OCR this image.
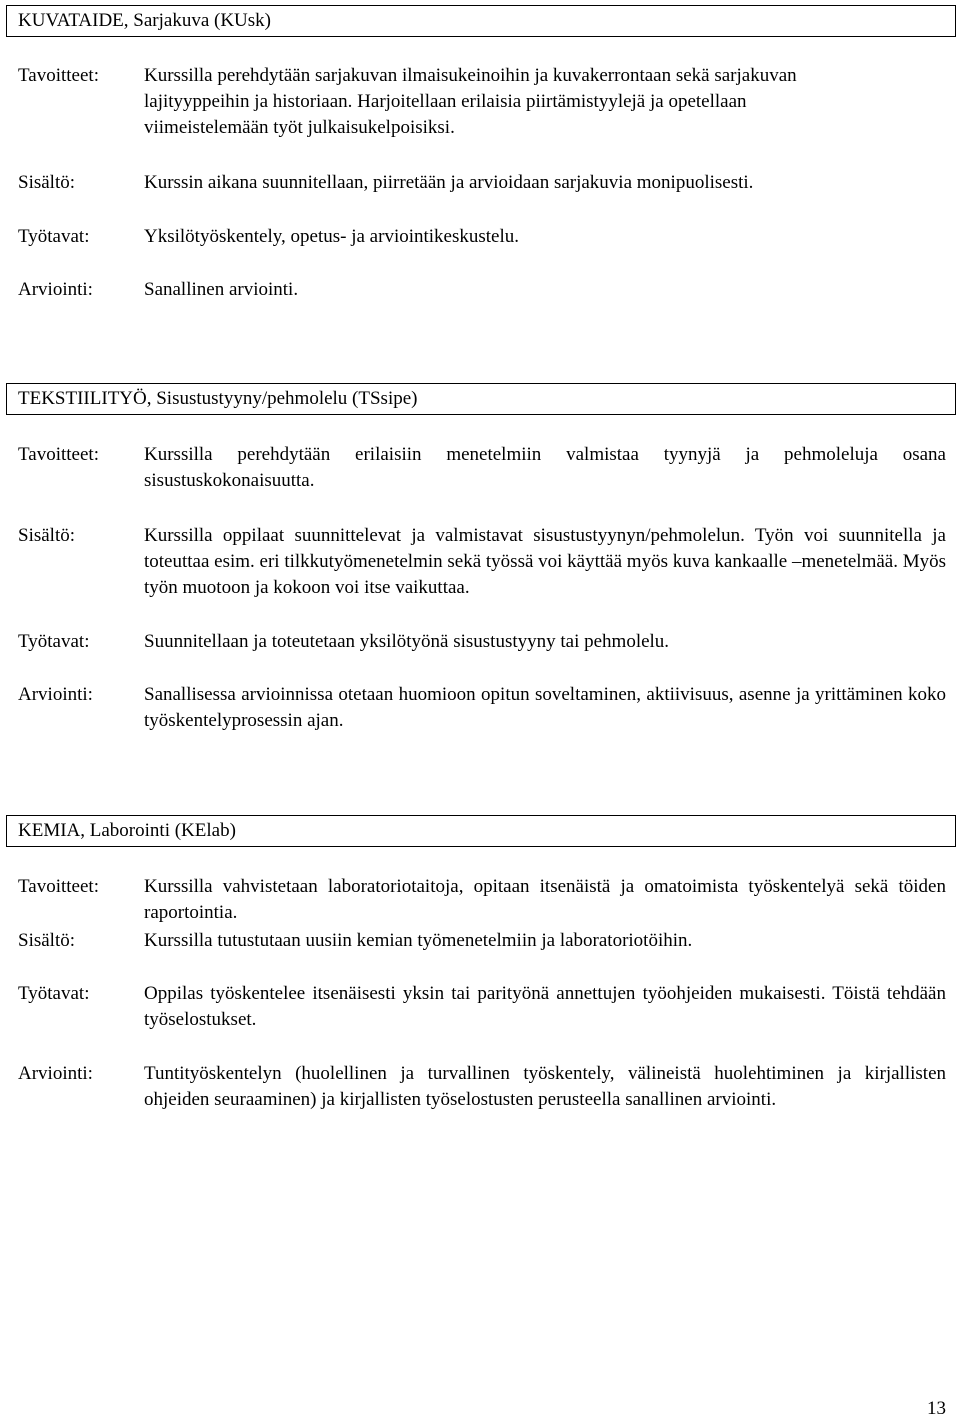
KUVATAIDE, Sarjakuva (KUsk)
Tavoitteet:	Kurssilla perehdytään sarjakuvan ilmaisukeinoihin ja kuvakerrontaan sekä sarjakuvan lajityyppeihin ja historiaan. Harjoitellaan erilaisia piirtämistyylejä ja opetellaan viimeistelemään työt julkaisukelpoisiksi.
Sisältö:	Kurssin aikana suunnitellaan, piirretään ja arvioidaan sarjakuvia monipuolisesti.
Työtavat:	Yksilötyöskentely, opetus- ja arviointikeskustelu.
Arviointi:	Sanallinen arviointi.
TEKSTIILITYÖ, Sisustustyyny/pehmolelu (TSsipe)
Tavoitteet:	Kurssilla perehdytään erilaisiin menetelmiin valmistaa tyynyjä ja pehmoleluja osana sisustuskokonaisuutta.
Sisältö:	Kurssilla oppilaat suunnittelevat ja valmistavat sisustustyynyn/pehmolelun. Työn voi suunnitella ja toteuttaa esim. eri tilkkutyömenetelmin sekä työssä voi käyttää myös kuva kankaalle –menetelmää. Myös työn muotoon ja kokoon voi itse vaikuttaa.
Työtavat:	Suunnitellaan ja toteutetaan yksilötyönä sisustustyyny tai pehmolelu.
Arviointi:	Sanallisessa arvioinnissa otetaan huomioon opitun soveltaminen, aktiivisuus, asenne ja yrittäminen koko työskentelyprosessin ajan.
KEMIA, Laborointi (KElab)
Tavoitteet:	Kurssilla vahvistetaan laboratoriotaitoja, opitaan itsenäistä ja omatoimista työskentelyä sekä töiden raportointia.
Sisältö:	Kurssilla tutustutaan uusiin kemian työmenetelmiin ja laboratoriotöihin.
Työtavat:	Oppilas työskentelee itsenäisesti yksin tai parityönä annettujen työohjeiden mukaisesti. Töistä tehdään työselostukset.
Arviointi:	Tuntityöskentelyn (huolellinen ja turvallinen työskentely, välineistä huolehtiminen ja kirjallisten ohjeiden seuraaminen) ja kirjallisten työselostusten perusteella sanallinen arviointi.
13
